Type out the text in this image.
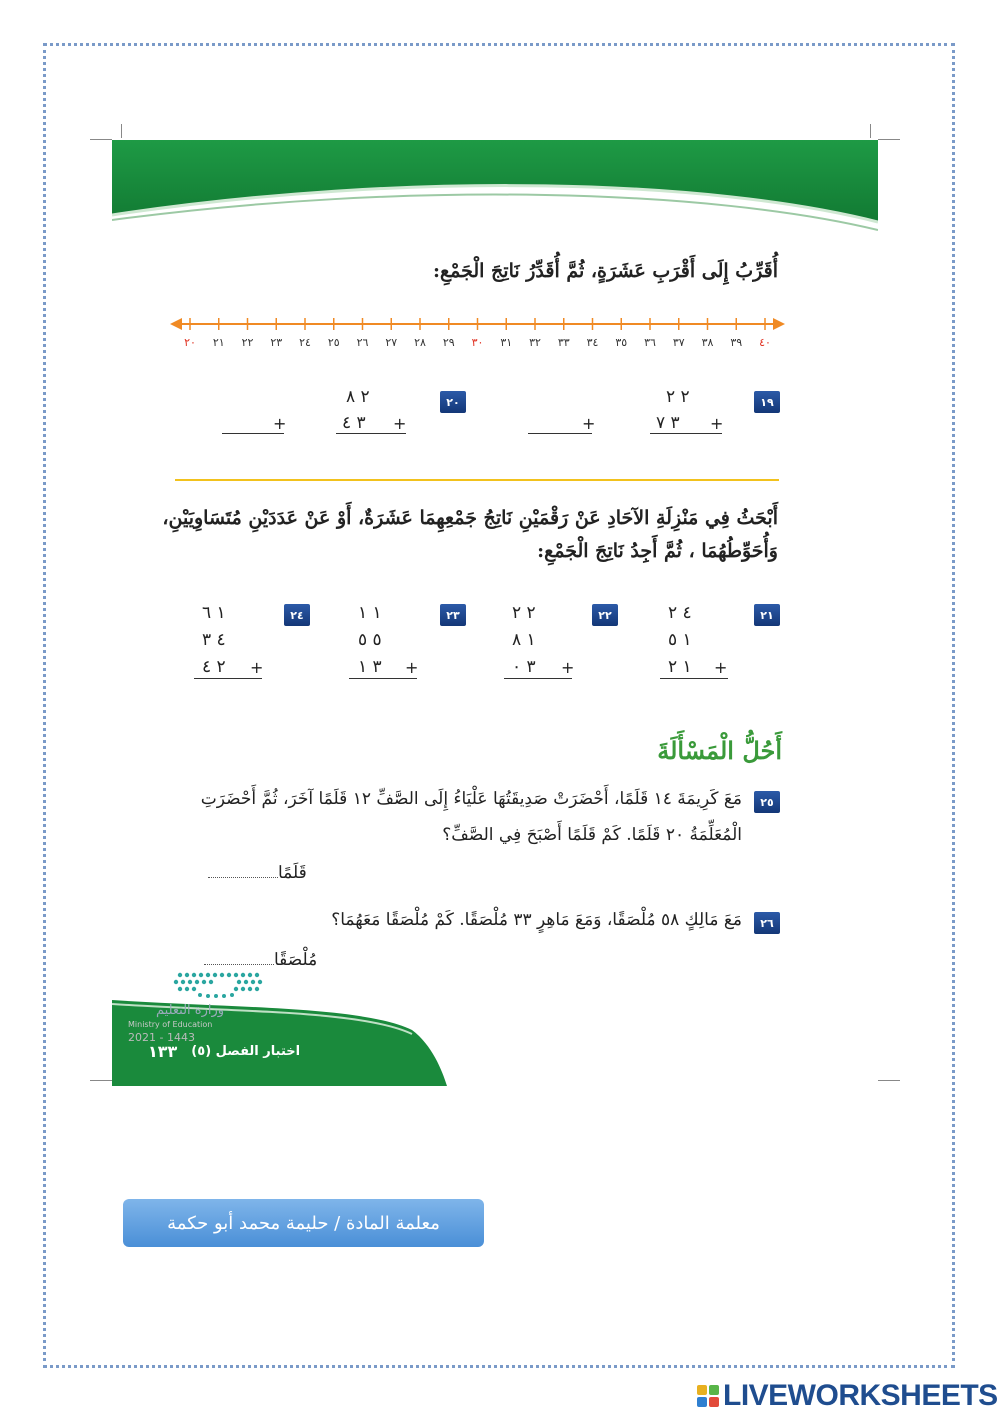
أُقَرِّبُ إِلَى أَقْرَبِ عَشَرَةٍ، ثُمَّ أُقَدِّرُ نَاتِجَ الْجَمْعِ:
٢٠ ٢١ ٢٢ ٢٣ ٢٤ ٢٥ ٢٦ ٢٧ ٢٨ ٢٩ ٣٠ ٣١ ٣٢ ٣٣ ٣٤ ٣٥ ٣٦ ٣٧ ٣٨ ٣٩ ٤٠
١٩
٢ ٢
٣ ٧ +
+
٢٠
٢ ٨
٣ ٤ +
+
أَبْحَثُ فِي مَنْزِلَةِ الآحَادِ عَنْ رَقْمَيْنِ نَاتِجُ جَمْعِهِمَا عَشَرَةٌ، أَوْ عَنْ عَدَدَيْنِ مُتَسَاوِيَيْنِ،
وَأُحَوِّطُهُمَا ، ثُمَّ أَجِدُ نَاتِجَ الْجَمْعِ:
٢١
٤ ٢
١ ٥
١ ٢ +
٢٢
٢ ٢
١ ٨
٣ ٠ +
٢٣
١ ١
٥ ٥
٣ ١ +
٢٤
١ ٦
٤ ٣
٢ ٤ +
أَحُلُّ الْمَسْأَلَةَ
٢٥
مَعَ كَرِيمَةَ ١٤ قَلَمًا، أَحْضَرَتْ صَدِيقَتُهَا عَلْيَاءُ إِلَى الصَّفِّ ١٢ قَلَمًا آخَرَ، ثُمَّ أَحْضَرَتِ
الْمُعَلِّمَةُ ٢٠ قَلَمًا. كَمْ قَلَمًا أَصْبَحَ فِي الصَّفِّ؟
قَلَمًا
٢٦
مَعَ مَالِكٍ ٥٨ مُلْصَقًا، وَمَعَ مَاهِرٍ ٣٣ مُلْصَقًا. كَمْ مُلْصَقًا مَعَهُمَا؟
مُلْصَقًا
اختبار الفصل (٥)
١٣٣
وزارة التعليم
Ministry of Education
2021 - 1443
معلمة المادة / حليمة محمد أبو حكمة
LIVEWORKSHEETS
